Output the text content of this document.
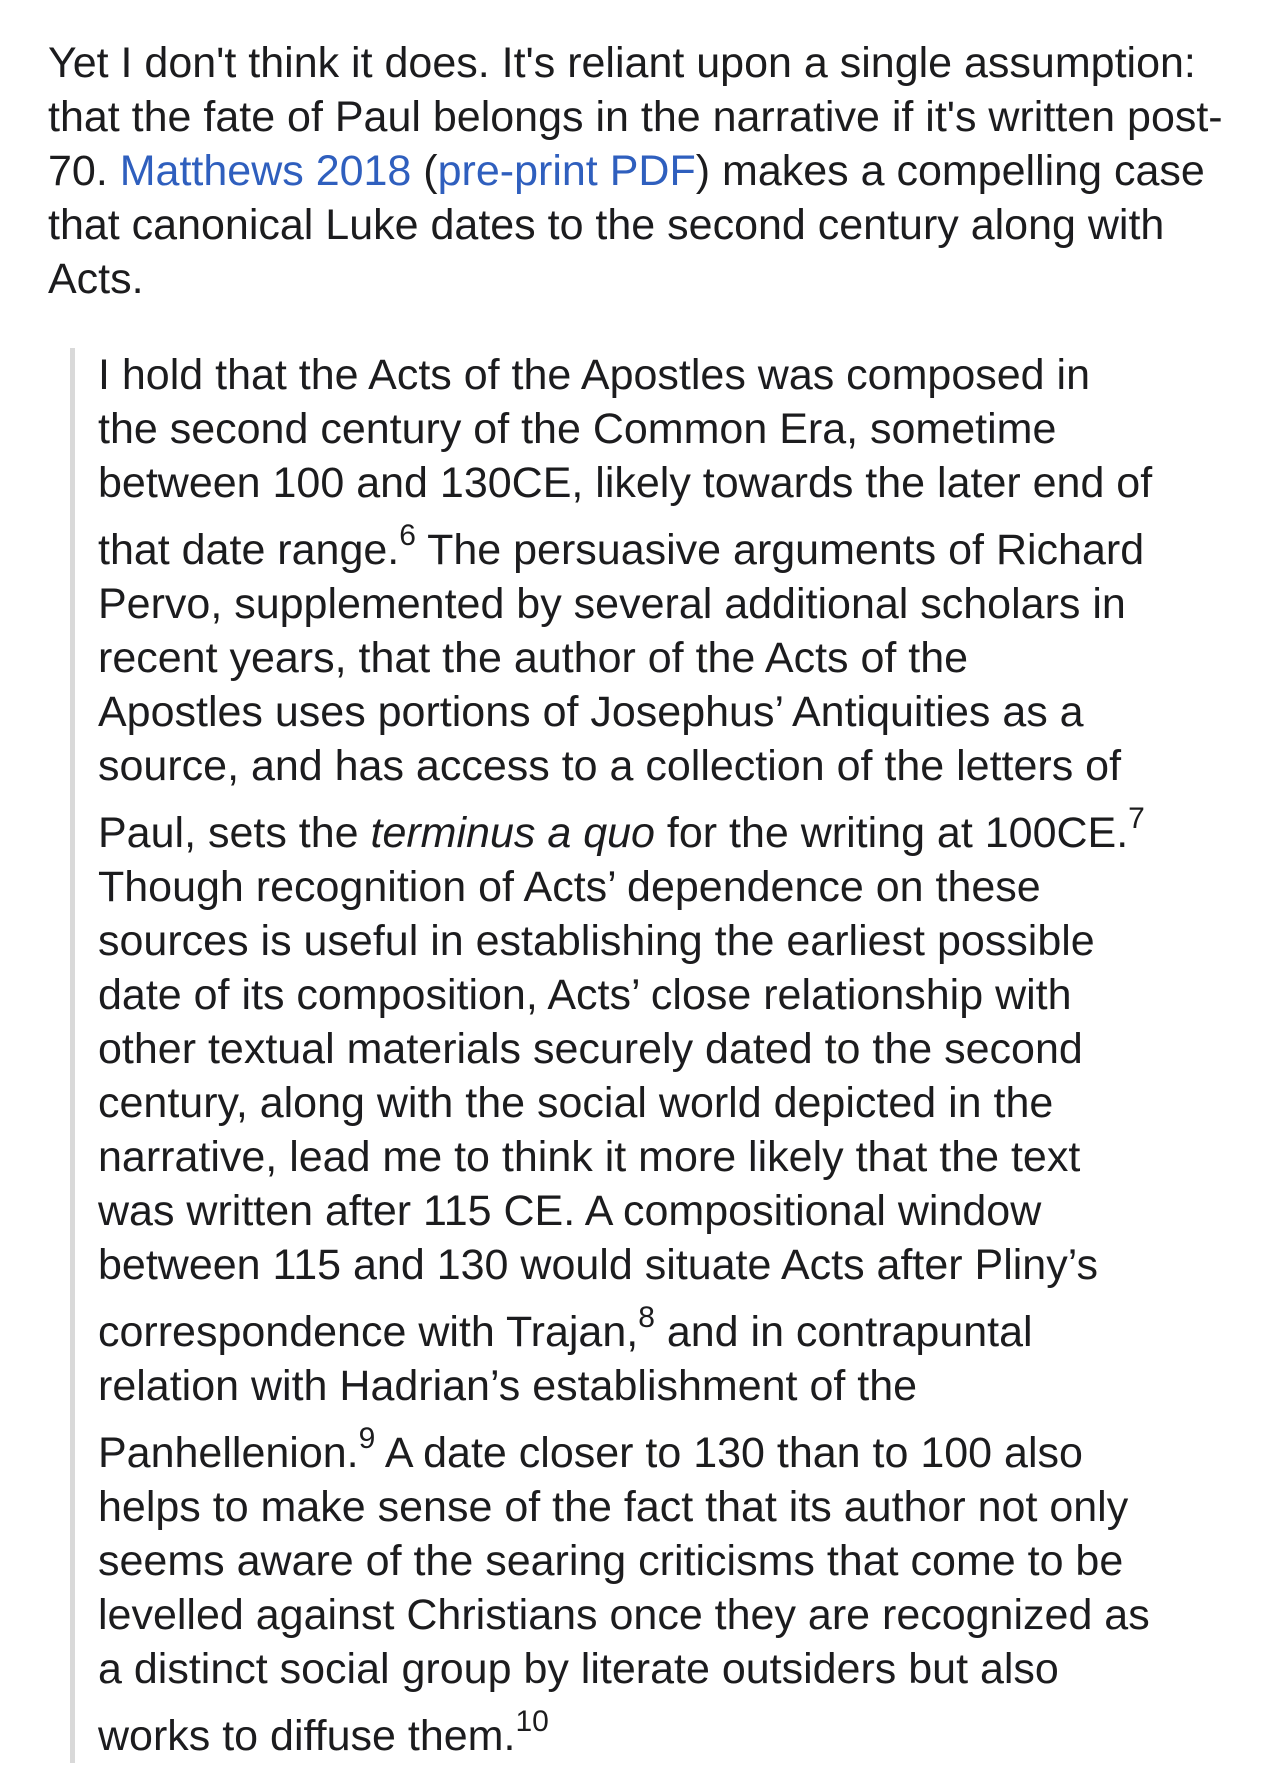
Yet I don't think it does. It's reliant upon a single assumption: that the fate of Paul belongs in the narrative if it's written post-70. Matthews 2018 (pre-print PDF) makes a compelling case that canonical Luke dates to the second century along with Acts.

I hold that the Acts of the Apostles was composed in
the second century of the Common Era, sometime
between 100 and 130CE, likely towards the later end of
that date range.$^6$ The persuasive arguments of Richard
Pervo, supplemented by several additional scholars in
recent years, that the author of the Acts of the
Apostles uses portions of Josephus’ Antiquities as a
source, and has access to a collection of the letters of
Paul, sets the terminus a quo for the writing at 100CE.$^7$
Though recognition of Acts’ dependence on these
sources is useful in establishing the earliest possible
date of its composition, Acts’ close relationship with
other textual materials securely dated to the second
century, along with the social world depicted in the
narrative, lead me to think it more likely that the text
was written after 115 CE. A compositional window
between 115 and 130 would situate Acts after Pliny’s
correspondence with Trajan,$^8$ and in contrapuntal
relation with Hadrian’s establishment of the
Panhellenion.$^9$ A date closer to 130 than to 100 also
helps to make sense of the fact that its author not only
seems aware of the searing criticisms that come to be
levelled against Christians once they are recognized as
a distinct social group by literate outsiders but also
works to diffuse them.$^{10}$
